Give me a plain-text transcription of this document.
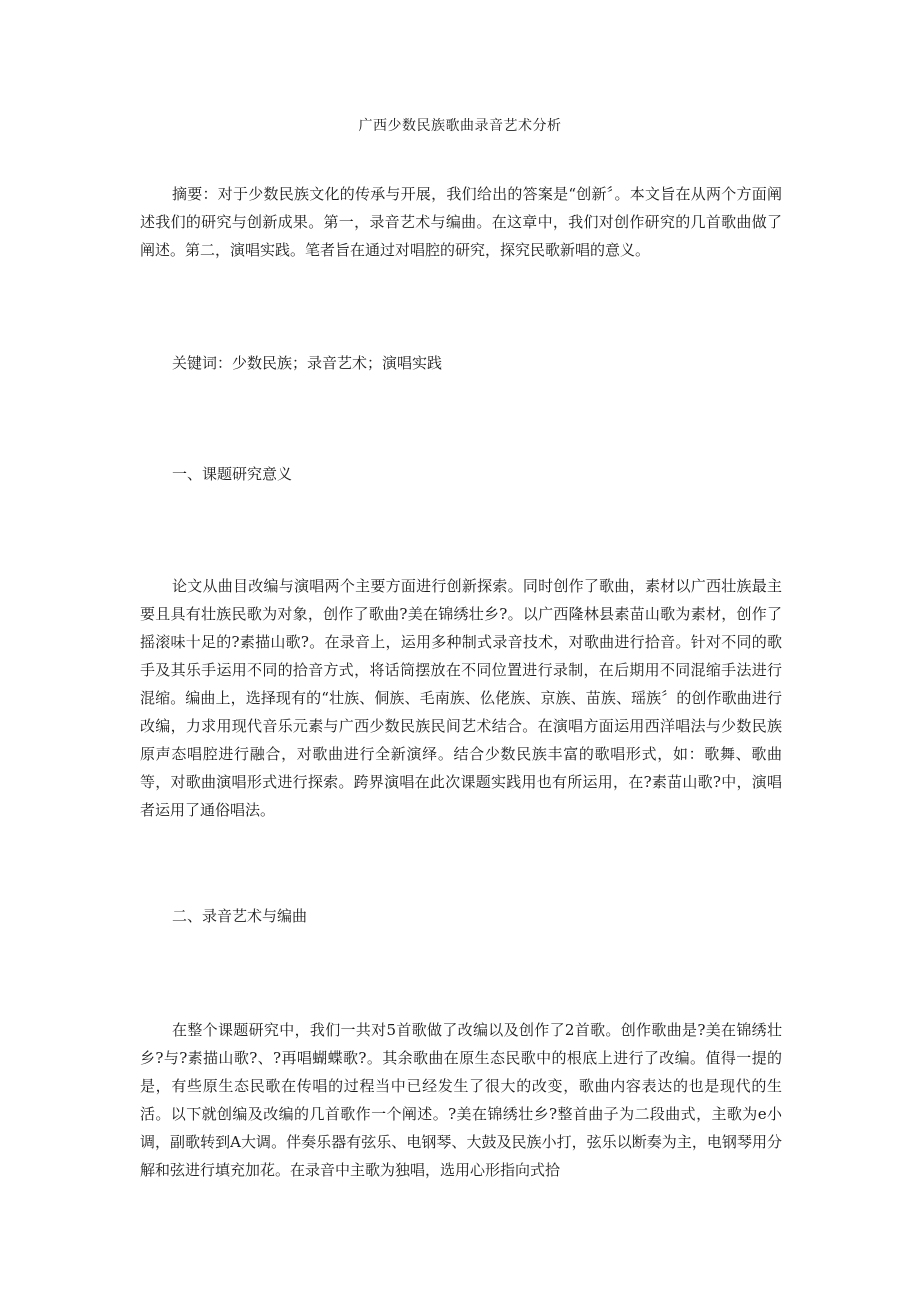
广西少数民族歌曲录音艺术分析

摘要：对于少数民族文化的传承与开展，我们给出的答案是“创新〞。本文旨在从两个方面阐述我们的研究与创新成果。第一，录音艺术与编曲。在这章中，我们对创作研究的几首歌曲做了阐述。第二，演唱实践。笔者旨在通过对唱腔的研究，探究民歌新唱的意义。

关键词：少数民族；录音艺术；演唱实践

一、课题研究意义

论文从曲目改编与演唱两个主要方面进行创新探索。同时创作了歌曲，素材以广西壮族最主要且具有壮族民歌为对象，创作了歌曲?美在锦绣壮乡?。以广西隆林县素苗山歌为素材，创作了摇滚味十足的?素描山歌?。在录音上，运用多种制式录音技术，对歌曲进行拾音。针对不同的歌手及其乐手运用不同的拾音方式，将话筒摆放在不同位置进行录制，在后期用不同混缩手法进行混缩。编曲上，选择现有的“壮族、侗族、毛南族、仫佬族、京族、苗族、瑶族〞的创作歌曲进行改编，力求用现代音乐元素与广西少数民族民间艺术结合。在演唱方面运用西洋唱法与少数民族原声态唱腔进行融合，对歌曲进行全新演绎。结合少数民族丰富的歌唱形式，如：歌舞、歌曲等，对歌曲演唱形式进行探索。跨界演唱在此次课题实践用也有所运用，在?素苗山歌?中，演唱者运用了通俗唱法。

二、录音艺术与编曲

在整个课题研究中，我们一共对5首歌做了改编以及创作了2首歌。创作歌曲是?美在锦绣壮乡?与?素描山歌?、?再唱蝴蝶歌?。其余歌曲在原生态民歌中的根底上进行了改编。值得一提的是，有些原生态民歌在传唱的过程当中已经发生了很大的改变，歌曲内容表达的也是现代的生活。以下就创编及改编的几首歌作一个阐述。?美在锦绣壮乡?整首曲子为二段曲式，主歌为e小调，副歌转到A大调。伴奏乐器有弦乐、电钢琴、大鼓及民族小打，弦乐以断奏为主，电钢琴用分解和弦进行填充加花。在录音中主歌为独唱，选用心形指向式拾
